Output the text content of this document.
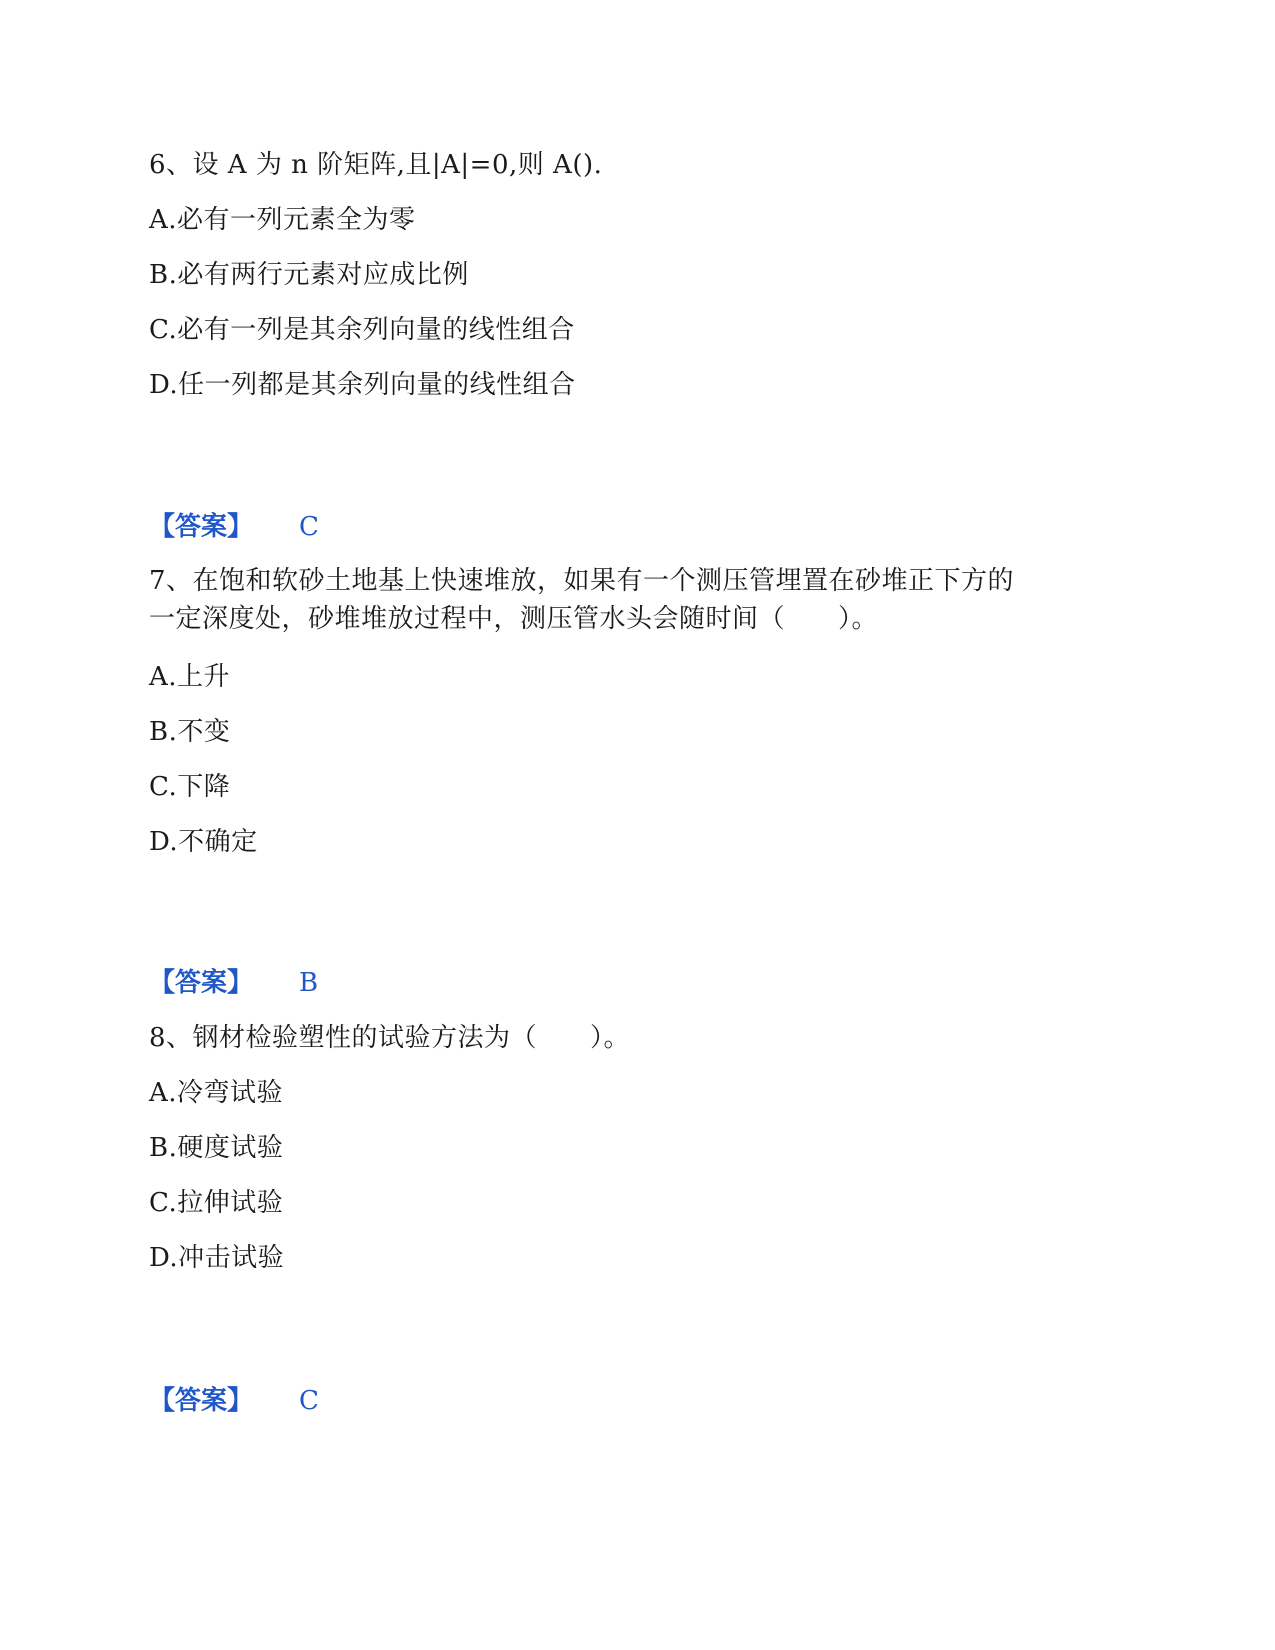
6、设 A 为 n 阶矩阵,且|A|=0,则 A().
A.必有一列元素全为零
B.必有两行元素对应成比例
C.必有一列是其余列向量的线性组合
D.任一列都是其余列向量的线性组合
【答案】 C
7、在饱和软砂土地基上快速堆放，如果有一个测压管埋置在砂堆正下方的
一定深度处，砂堆堆放过程中，测压管水头会随时间（　　）。
A.上升
B.不变
C.下降
D.不确定
【答案】 B
8、钢材检验塑性的试验方法为（　　）。
A.冷弯试验
B.硬度试验
C.拉伸试验
D.冲击试验
【答案】 C
